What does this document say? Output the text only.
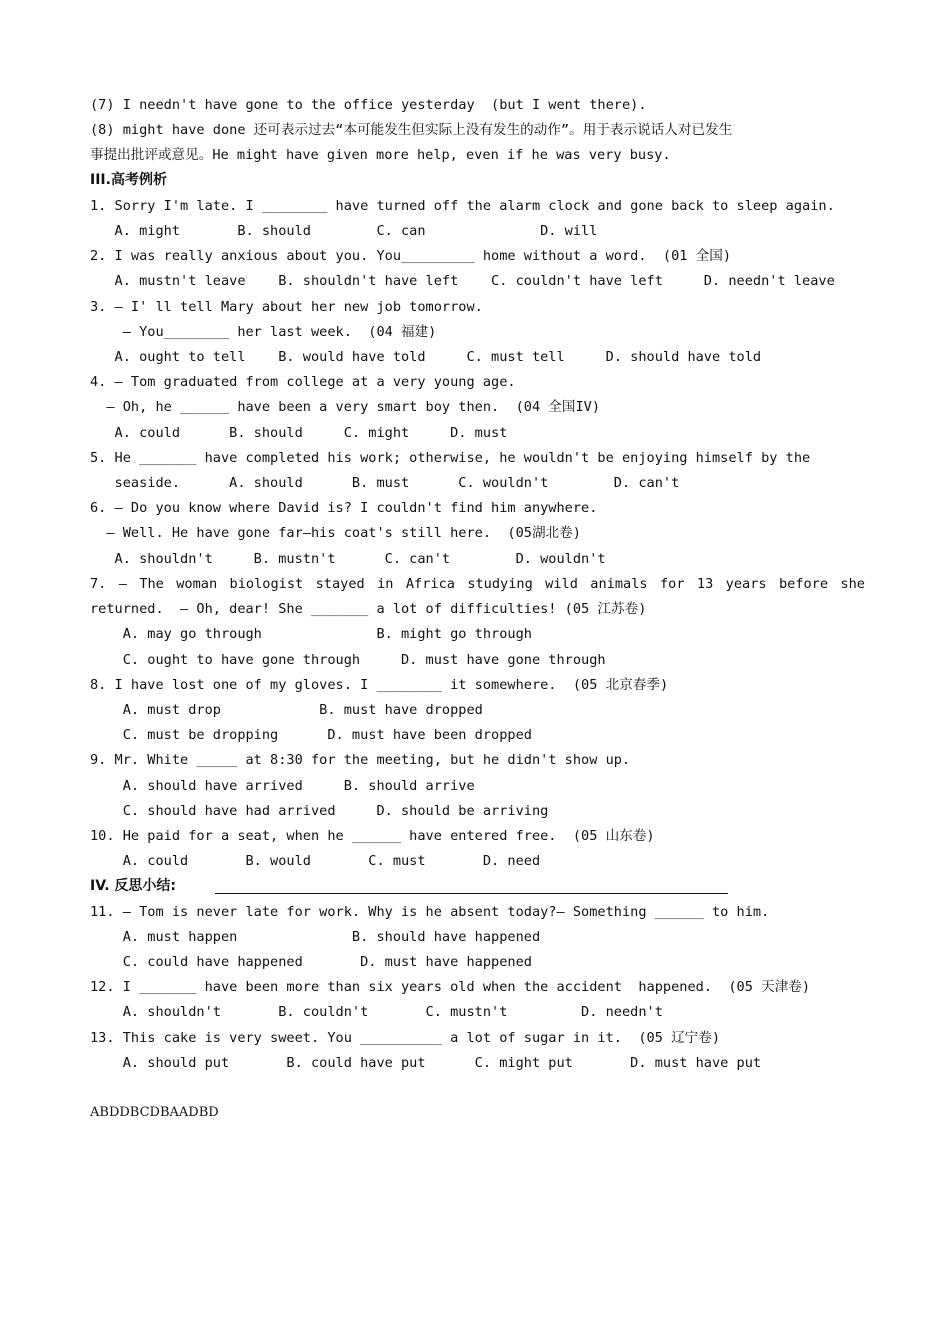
(7) I needn't have gone to the office yesterday  (but I went there).
(8) might have done 还可表示过去“本可能发生但实际上没有发生的动作”。用于表示说话人对已发生
事提出批评或意见。He might have given more help, even if he was very busy.
III.高考例析
1. Sorry I'm late. I ________ have turned off the alarm clock and gone back to sleep again.
A. might       B. should        C. can              D. will
2. I was really anxious about you. You_________ home without a word.  (01 全国)
A. mustn't leave    B. shouldn't have left    C. couldn't have left     D. needn't leave
3. — I' ll tell Mary about her new job tomorrow.
— You________ her last week.  (04 福建)
A. ought to tell    B. would have told     C. must tell     D. should have told
4. — Tom graduated from college at a very young age.
— Oh, he ______ have been a very smart boy then.  (04 全国IV)
A. could      B. should     C. might     D. must
5. He _______ have completed his work; otherwise, he wouldn't be enjoying himself by the
seaside.      A. should      B. must      C. wouldn't        D. can't
6. — Do you know where David is? I couldn't find him anywhere.
— Well. He have gone far—his coat's still here.  (05湖北卷)
A. shouldn't     B. mustn't      C. can't        D. wouldn't
7. — The woman biologist stayed in Africa studying wild animals for 13 years before she
returned.  — Oh, dear! She _______ a lot of difficulties! (05 江苏卷)
A. may go through              B. might go through
C. ought to have gone through     D. must have gone through
8. I have lost one of my gloves. I ________ it somewhere.  (05 北京春季)
A. must drop            B. must have dropped
C. must be dropping      D. must have been dropped
9. Mr. White _____ at 8:30 for the meeting, but he didn't show up.
A. should have arrived     B. should arrive
C. should have had arrived     D. should be arriving
10. He paid for a seat, when he ______ have entered free.  (05 山东卷)
A. could       B. would       C. must       D. need
IV. 反思小结:
11. — Tom is never late for work. Why is he absent today?— Something ______ to him.
A. must happen              B. should have happened
C. could have happened       D. must have happened
12. I _______ have been more than six years old when the accident  happened.  (05 天津卷)
A. shouldn't       B. couldn't       C. mustn't         D. needn't
13. This cake is very sweet. You __________ a lot of sugar in it.  (05 辽宁卷)
A. should put       B. could have put      C. might put       D. must have put
ABDDBCDBAADBD
